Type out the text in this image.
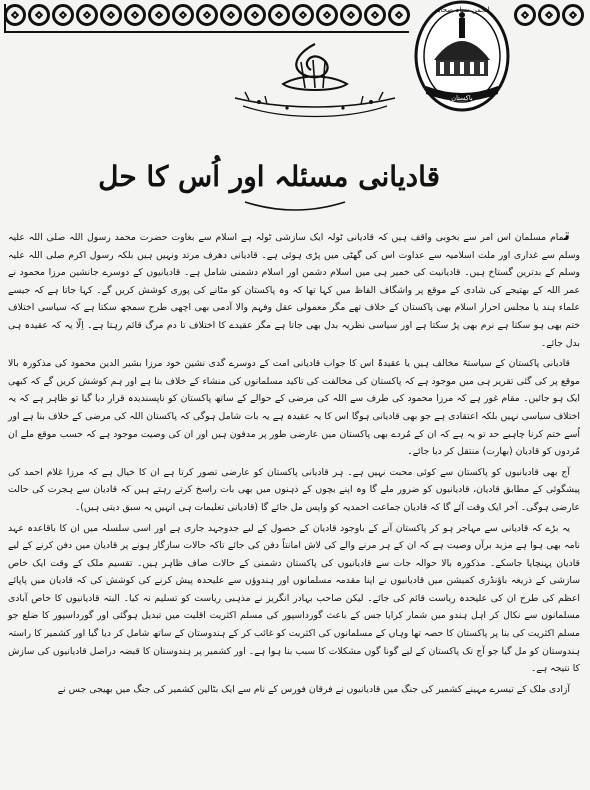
انجمن سپاہ صحابہ
پاکستان
قادیانی مسئلہ اور اُس کا حل

تمام مسلمان اس امر سے بخوبی واقف ہیں کہ قادیانی ٹولہ ایک سازشی ٹولہ ہے اسلام سے بغاوت حضرت محمد رسول اللہ صلی اللہ علیہ وسلم سے غداری اور ملت اسلامیہ سے عداوت اس کی گھٹی میں پڑی ہوئی ہے۔ قادیانی دھرف مرتد ونہیں ہیں بلکہ رسول اکرم صلی اللہ علیہ وسلم کے بدترین گستاخ ہیں۔ قادیانیت کی خمیر ہی میں اسلام دشمن اور اسلام دشمنی شامل ہے۔ قادیانیوں کے دوسرے جانشین مرزا محمود نے عمر اللہ کے بھتیجے کی شادی کے موقع پر واشگاف الفاظ میں کہا تھا کہ وہ پاکستان کو مٹانے کی پوری کوشش کریں گے۔ کہا جاتا ہے کہ جیسے علماء ہند یا مجلس احرار اسلام بھی پاکستان کے خلاف تھے مگر معمولی عقل وفہم والا آدمی بھی اچھی طرح سمجھ سکتا ہے کہ سیاسی اختلاف ختم بھی ہو سکتا ہے نرم بھی پڑ سکتا ہے اور سیاسی نظریہ بدل بھی جاتا ہے مگر عقیدے کا اختلاف تا دم مرگ قائم رہتا ہے۔ اِلّا یہ کہ عقیدہ ہی بدل جائے۔

قادیانی پاکستان کے سیاستہً مخالف ہیں یا عقیدۃً اس کا جواب قادیانی امت کے دوسرے گدی نشین خود مرزا بشیر الدین محمود کی مذکورہ بالا موقع پر کی گئی تقریر ہی میں موجود ہے کہ پاکستان کی مخالفت کی تاکید مسلمانوں کی منشاء کے خلاف بنا ہے اور ہم کوشش کریں گے کہ کبھی ایک ہو جائیں۔ مقام غور ہے کہ مرزا محمود کی طرف سے اللہ کی مرضی کے حوالے کے ساتھ پاکستان کو ناپسندیدہ قرار دیا گیا تو ظاہر ہے کہ یہ اختلاف سیاسی نہیں بلکہ اعتقادی ہے جو بھی قادیانی ہوگا اس کا یہ عقیدہ ہے یہ بات شامل ہوگی کہ پاکستان اللہ کی مرضی کے خلاف بنا ہے اور اُسے ختم کرنا چاہیے حد تو یہ ہے کہ ان کے مُردے بھی پاکستان میں عارضی طور پر مدفون ہیں اور ان کی وصیت موجود ہے کہ حسب موقع ملے ان مُردوں کو قادیان (بھارت) منتقل کر دیا جائے۔

آج بھی قادیانیوں کو پاکستان سے کوئی محبت نہیں ہے۔ ہر قادیانی پاکستان کو عارضی تصور کرتا ہے ان کا خیال ہے کہ مرزا غلام احمد کی پیشگوئی کے مطابق قادیان، قادیانیوں کو ضرور ملے گا وہ اپنے بچوں کے ذہنوں میں بھی بات راسخ کرتے رہتے ہیں کہ قادیان سے ہجرت کی حالت عارضی ہوگی۔ آخر ایک وقت آئے گا کہ قادیان جماعت احمدیہ کو واپس مل جائے گا (قادیانی تعلیمات ہی انہیں یہ سبق دیتی ہیں)۔

یہ بڑے کہ قادیانی سے مہاجر ہو کر پاکستان آنے کے باوجود قادیان کے حصول کے لیے جدوجہد جاری ہے اور اسی سلسلہ میں ان کا باقاعدہ عہد نامہ بھی ہوا ہے مزید برآں وصیت ہے کہ ان کے ہر مرنے والے کی لاش امانتاً دفن کی جائے تاکہ حالات سازگار ہونے پر قادیان میں دفن کرنے کے لیے قادیان پہنچایا جاسکے۔ مذکورہ بالا حوالہ جات سے قادیانیوں کی پاکستان دشمنی کے حالات صاف ظاہر ہیں۔ تقسیم ملک کے وقت ایک خاص سازشی کے ذریعہ باؤنڈری کمیشن میں قادیانیوں نے اپنا مقدمہ مسلمانوں اور ہندوؤں سے علیحدہ پیش کرنے کی کوشش کی کہ قادیان میں پاپائے اعظم کی طرح ان کی علیحدہ ریاست قائم کی جائے۔ لیکن صاحب بہادر انگریز نے مذہبی ریاست کو تسلیم نہ کیا۔ البتہ قادیانیوں کا خاص آبادی مسلمانوں سے نکال کر اہل ہندو میں شمار کرایا جس کے باعث گورداسپور کی مسلم اکثریت اقلیت میں تبدیل ہوگئی اور گورداسپور کا ضلع جو مسلم اکثریت کی بنا پر پاکستان کا حصہ تھا وہاں کے مسلمانوں کی اکثریت کو غائب کر کے ہندوستان کے ساتھ شامل کر دیا گیا اور کشمیر کا راستہ ہندوستان کو مل گیا جو آج تک پاکستان کے لیے گونا گوں مشکلات کا سبب بنا ہوا ہے۔ اور کشمیر پر ہندوستان کا قبضہ دراصل قادیانیوں کی سازش کا نتیجہ ہے۔

آزادی ملک کے تیسرے مہینے کشمیر کی جنگ میں قادیانیوں نے فرقان فورس کے نام سے ایک بٹالین کشمیر کی جنگ میں بھیجی جس نے
